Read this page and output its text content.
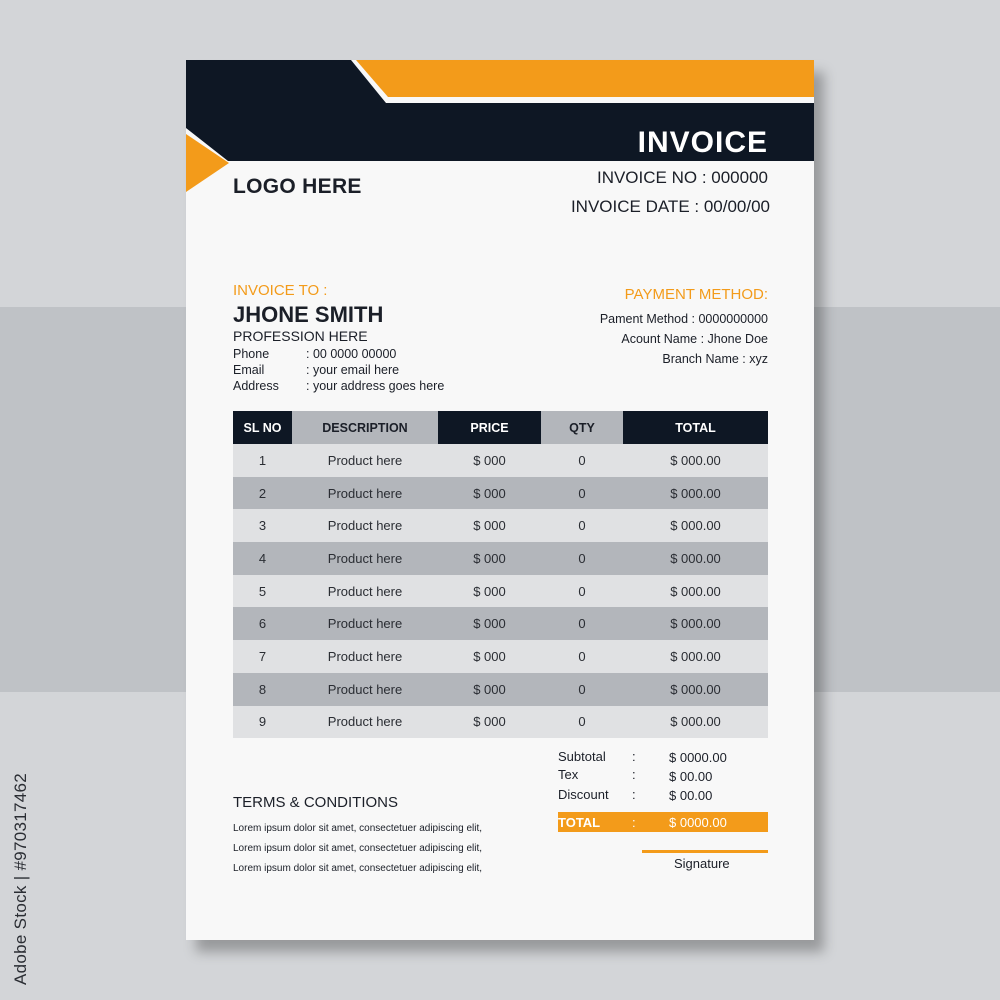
INVOICE
INVOICE NO : 000000
INVOICE DATE : 00/00/00
LOGO HERE
INVOICE TO :
JHONE SMITH
PROFESSION HERE
Phone	: 00 0000 00000
Email	: your email here
Address : your address goes here
PAYMENT METHOD:
Pament Method : 0000000000
Acount Name : Jhone Doe
Branch Name : xyz
SL NO	DESCRIPTION	PRICE	QTY	TOTAL
1	Product here	$ 000	0	$ 000.00
2	Product here	$ 000	0	$ 000.00
3	Product here	$ 000	0	$ 000.00
4	Product here	$ 000	0	$ 000.00
5	Product here	$ 000	0	$ 000.00
6	Product here	$ 000	0	$ 000.00
7	Product here	$ 000	0	$ 000.00
8	Product here	$ 000	0	$ 000.00
9	Product here	$ 000	0	$ 000.00
Subtotal :	$ 0000.00
Tex	:	$ 00.00
Discount :	$ 00.00
TOTAL :	$ 0000.00
Signature
TERMS & CONDITIONS
Lorem ipsum dolor sit amet, consectetuer adipiscing elit,
Lorem ipsum dolor sit amet, consectetuer adipiscing elit,
Lorem ipsum dolor sit amet, consectetuer adipiscing elit,
Adobe Stock | #970317462
